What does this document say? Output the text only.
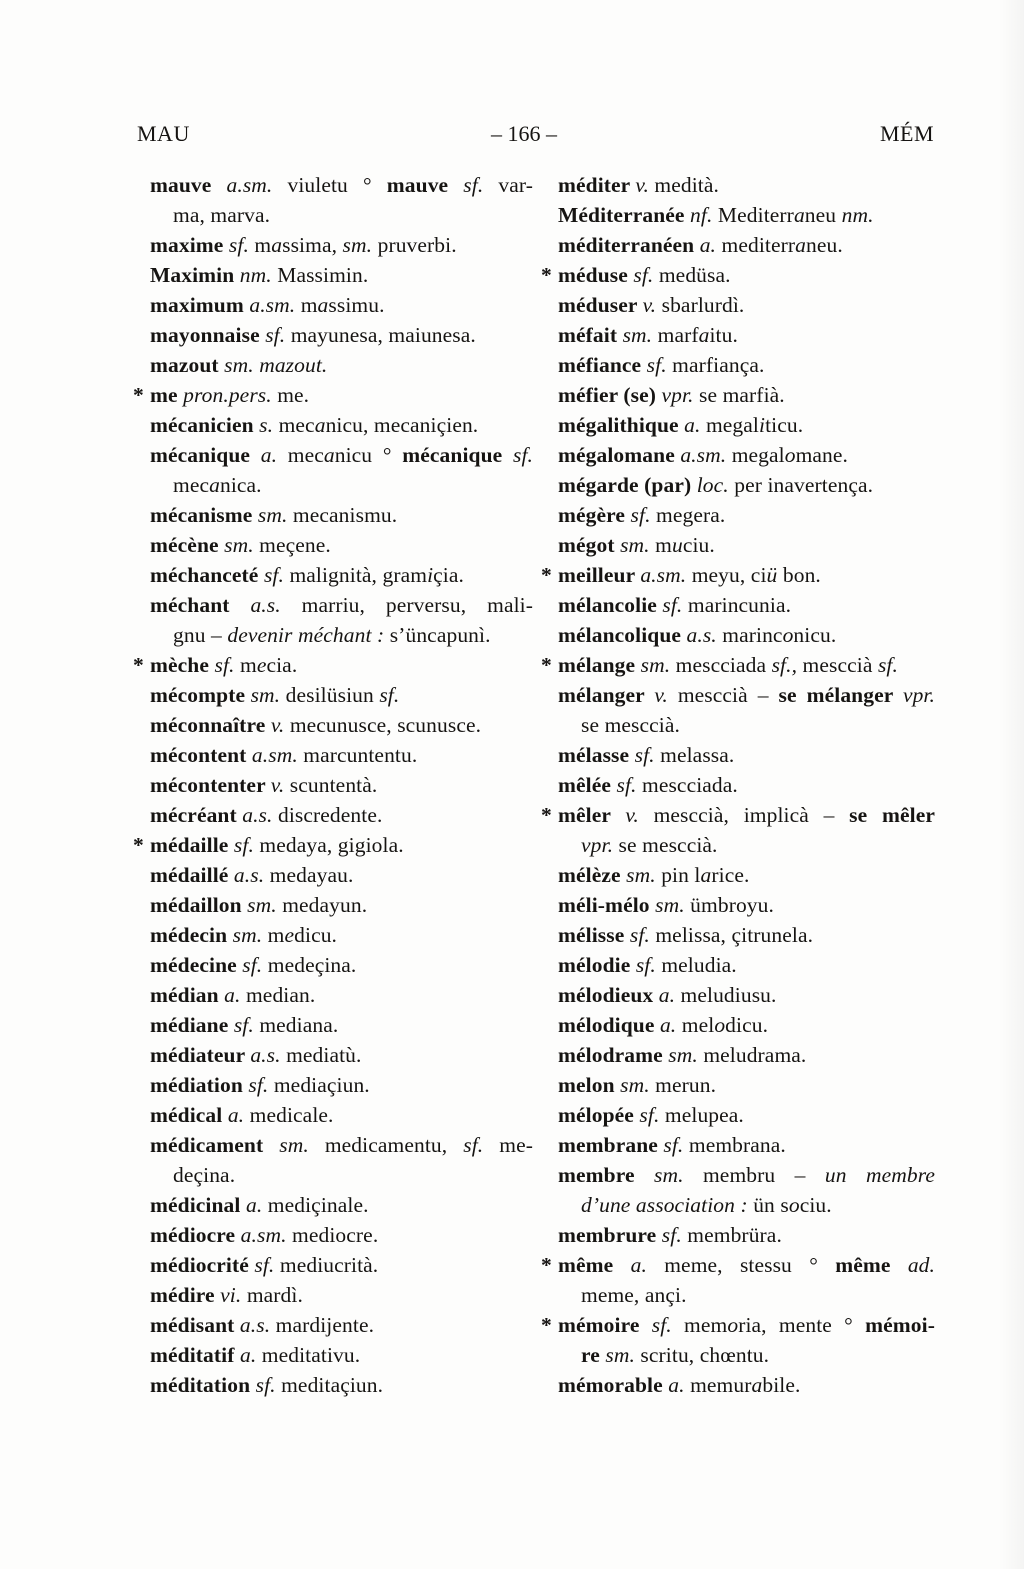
MAU	– 166 –	MÉM
mauve a.sm. viuletu ° mauve sf. var-
ma, marva.
maxime sf. massima, sm. pruverbi.
Maximin nm. Massimin.
maximum a.sm. massimu.
mayonnaise sf. mayunesa, maiunesa.
mazout sm. mazout.
* me pron.pers. me.
mécanicien s. mecanicu, mecaniçien.
mécanique a. mecanicu ° mécanique sf.
mecanica.
mécanisme sm. mecanismu.
mécène sm. meçene.
méchanceté sf. malignità, gramiçia.
méchant a.s. marriu, perversu, mali-
gnu – devenir méchant : s’üncapunì.
* mèche sf. mecia.
mécompte sm. desilüsiun sf.
méconnaître v. mecunusce, scunusce.
mécontent a.sm. marcuntentu.
mécontenter v. scuntentà.
mécréant a.s. discredente.
* médaille sf. medaya, gigiola.
médaillé a.s. medayau.
médaillon sm. medayun.
médecin sm. medicu.
médecine sf. medeçina.
médian a. median.
médiane sf. mediana.
médiateur a.s. mediatù.
médiation sf. mediaçiun.
médical a. medicale.
médicament sm. medicamentu, sf. me-
deçina.
médicinal a. mediçinale.
médiocre a.sm. mediocre.
médiocrité sf. mediucrità.
médire vi. mardì.
médisant a.s. mardijente.
méditatif a. meditativu.
méditation sf. meditaçiun.
méditer v. medità.
Méditerranée nf. Mediterraneu nm.
méditerranéen a. mediterraneu.
* méduse sf. medüsa.
méduser v. sbarlurdì.
méfait sm. marfaitu.
méfiance sf. marfiança.
méfier (se) vpr. se marfià.
mégalithique a. megaliticu.
mégalomane a.sm. megalomane.
mégarde (par) loc. per inavertença.
mégère sf. megera.
mégot sm. muciu.
* meilleur a.sm. meyu, ciü bon.
mélancolie sf. marincunia.
mélancolique a.s. marinconicu.
* mélange sm. mescciada sf., mesccià sf.
mélanger v. mesccià – se mélanger vpr.
se mesccià.
mélasse sf. melassa.
mêlée sf. mescciada.
* mêler v. mesccià, implicà – se mêler
vpr. se mesccià.
mélèze sm. pin larice.
méli-mélo sm. ümbroyu.
mélisse sf. melissa, çitrunela.
mélodie sf. meludia.
mélodieux a. meludiusu.
mélodique a. melodicu.
mélodrame sm. meludrama.
melon sm. merun.
mélopée sf. melupea.
membrane sf. membrana.
membre sm. membru – un membre
d’une association : ün sociu.
membrure sf. membrüra.
* même a. meme, stessu ° même ad.
meme, ançi.
* mémoire sf. memoria, mente ° mémoi-
re sm. scritu, chœntu.
mémorable a. memurabile.
